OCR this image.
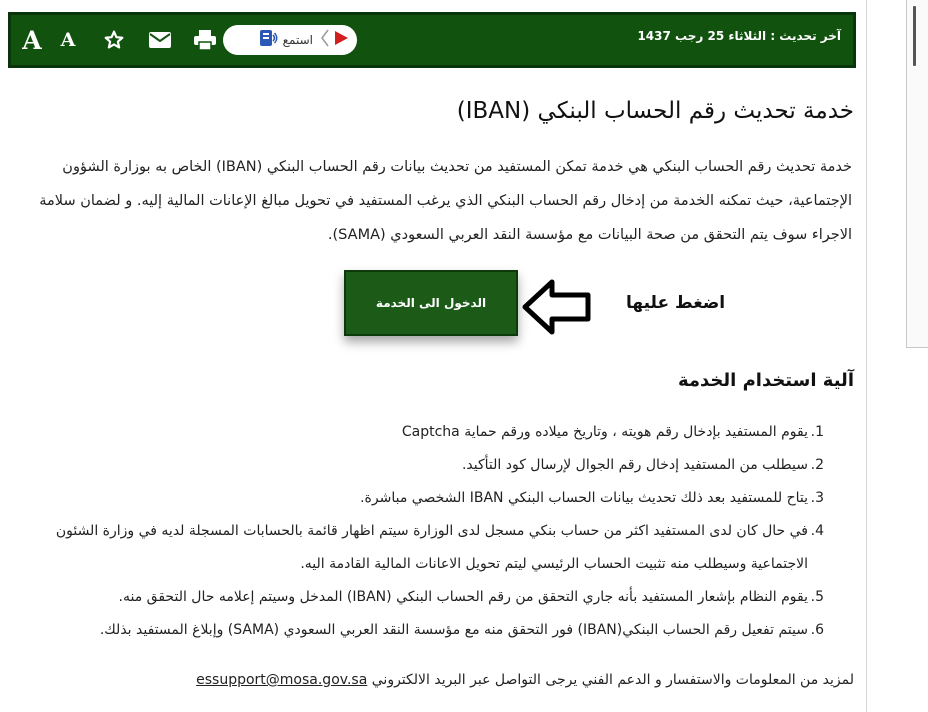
A A	استمع	آخر تحديث : الثلاثاء 25 رجب 1437
خدمة تحديث رقم الحساب البنكي (IBAN)

خدمة تحديث رقم الحساب البنكي هي خدمة تمكن المستفيد من تحديث بيانات رقم الحساب البنكي (IBAN) الخاص به بوزارة الشؤون الإجتماعية، حيث تمكنه الخدمة من إدخال رقم الحساب البنكي الذي يرغب المستفيد في تحويل مبالغ الإعانات المالية إليه. و لضمان سلامة الاجراء سوف يتم التحقق من صحة البيانات مع مؤسسة النقد العربي السعودي (SAMA).

الدخول الى الخدمة	اضغط عليها
آلية استخدام الخدمة
1.
يقوم المستفيد بإدخال رقم هويته ، وتاريخ ميلاده ورقم حماية Captcha
2.
سيطلب من المستفيد إدخال رقم الجوال لإرسال كود التأكيد.
3.
يتاح للمستفيد بعد ذلك تحديث بيانات الحساب البنكي IBAN الشخصي مباشرة.
4.
في حال كان لدى المستفيد اكثر من حساب بنكي مسجل لدى الوزارة سيتم اظهار قائمة بالحسابات المسجلة لديه في وزارة الشئون الاجتماعية وسيطلب منه تثبيت الحساب الرئيسي ليتم تحويل الاعانات المالية القادمة اليه.
5.
يقوم النظام بإشعار المستفيد بأنه جاري التحقق من رقم الحساب البنكي (IBAN) المدخل وسيتم إعلامه حال التحقق منه.
6.
سيتم تفعيل رقم الحساب البنكي(IBAN) فور التحقق منه مع مؤسسة النقد العربي السعودي (SAMA) وإبلاغ المستفيد بذلك.

لمزيد من المعلومات والاستفسار و الدعم الفني يرجى التواصل عبر البريد الالكتروني essupport@mosa.gov.sa
